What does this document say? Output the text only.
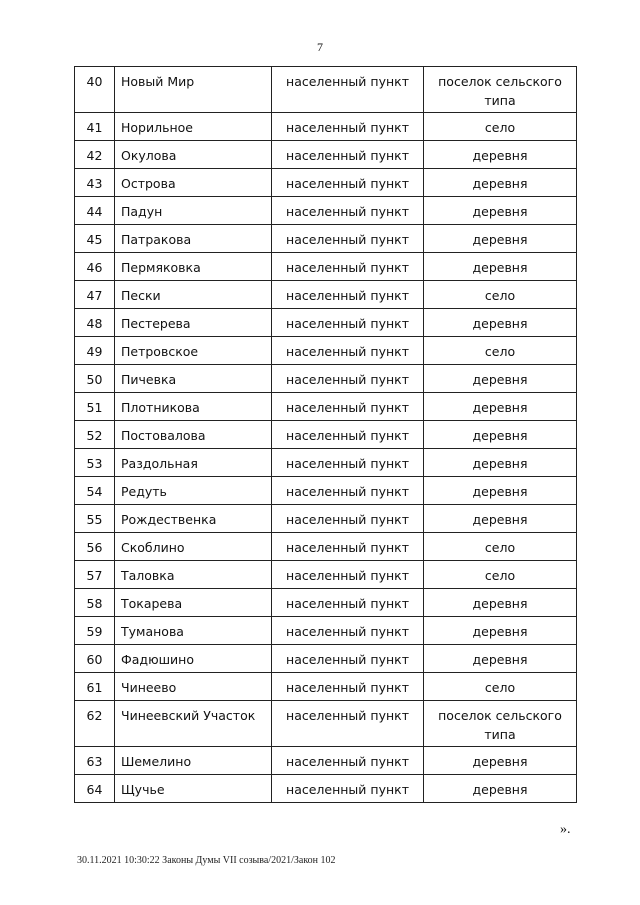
7
40	Новый Мир	населенный пункт	поселок сельского типа
41	Норильное	населенный пункт	село
42	Окулова	населенный пункт	деревня
43	Острова	населенный пункт	деревня
44	Падун	населенный пункт	деревня
45	Патракова	населенный пункт	деревня
46	Пермяковка	населенный пункт	деревня
47	Пески	населенный пункт	село
48	Пестерева	населенный пункт	деревня
49	Петровское	населенный пункт	село
50	Пичевка	населенный пункт	деревня
51	Плотникова	населенный пункт	деревня
52	Постовалова	населенный пункт	деревня
53	Раздольная	населенный пункт	деревня
54	Редуть	населенный пункт	деревня
55	Рождественка	населенный пункт	деревня
56	Скоблино	населенный пункт	село
57	Таловка	населенный пункт	село
58	Токарева	населенный пункт	деревня
59	Туманова	населенный пункт	деревня
60	Фадюшино	населенный пункт	деревня
61	Чинеево	населенный пункт	село
62	Чинеевский Участок	населенный пункт	поселок сельского типа
63	Шемелино	населенный пункт	деревня
64	Щучье	населенный пункт	деревня
».
30.11.2021 10:30:22 Законы Думы VII созыва/2021/Закон 102
